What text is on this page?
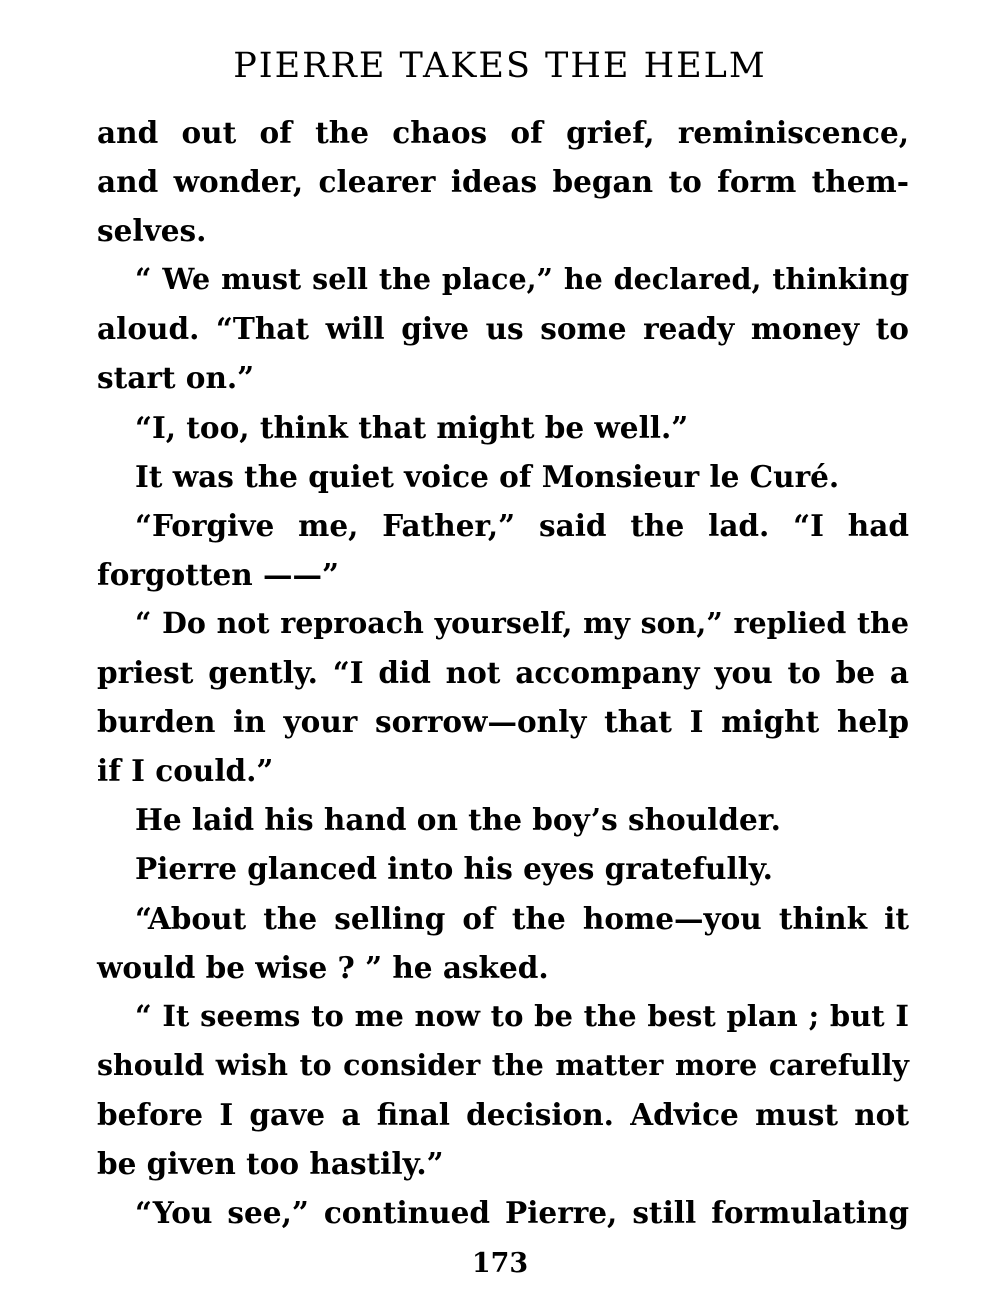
PIERRE TAKES THE HELM
and out of the chaos of grief, reminiscence,
and wonder, clearer ideas began to form them-
selves.
“ We must sell the place,” he declared, thinking
aloud. “That will give us some ready money to
start on.”
“I, too, think that might be well.”
It was the quiet voice of Monsieur le Curé.
“Forgive me, Father,” said the lad. “I had
forgotten ——”
“ Do not reproach yourself, my son,” replied the
priest gently. “I did not accompany you to be a
burden in your sorrow—only that I might help
if I could.”
He laid his hand on the boy’s shoulder.
Pierre glanced into his eyes gratefully.
“About the selling of the home—you think it
would be wise ? ” he asked.
“ It seems to me now to be the best plan ; but I
should wish to consider the matter more carefully
before I gave a final decision. Advice must not
be given too hastily.”
“You see,” continued Pierre, still formulating
173
